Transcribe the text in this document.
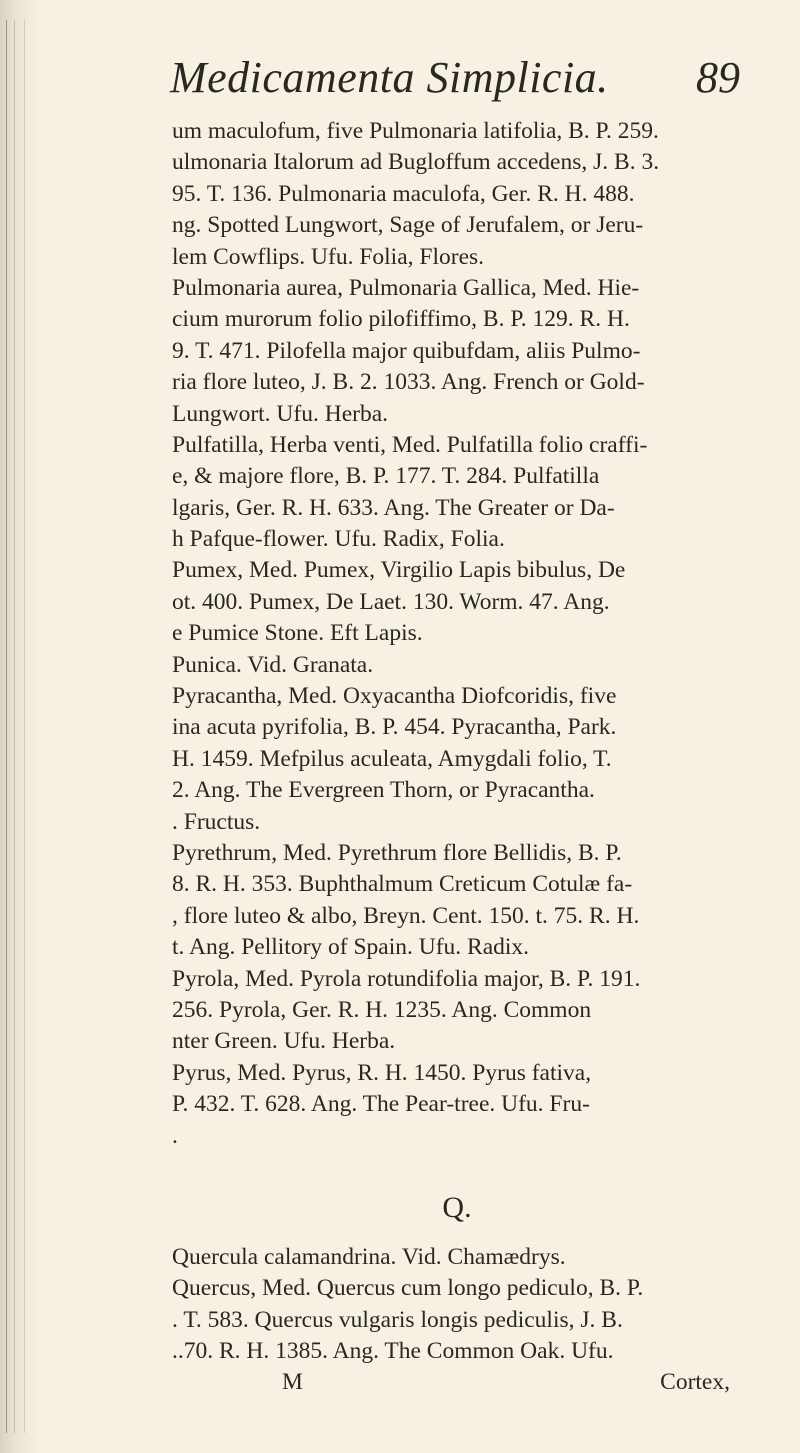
Medicamenta Simplicia. 89
um maculofum, five Pulmonaria latifolia, B. P. 259.
ulmonaria Italorum ad Bugloffum accedens, J. B. 3.
95. T. 136. Pulmonaria maculofa, Ger. R. H. 488.
ng. Spotted Lungwort, Sage of Jerufalem, or Jeru-
lem Cowflips. Ufu. Folia, Flores.
Pulmonaria aurea, Pulmonaria Gallica, Med. Hie-
cium murorum folio pilofiffimo, B. P. 129. R. H.
9. T. 471. Pilofella major quibufdam, aliis Pulmo-
ria flore luteo, J. B. 2. 1033. Ang. French or Gold-
Lungwort. Ufu. Herba.
Pulfatilla, Herba venti, Med. Pulfatilla folio craffi-
e, & majore flore, B. P. 177. T. 284. Pulfatilla
lgaris, Ger. R. H. 633. Ang. The Greater or Da-
h Pafque-flower. Ufu. Radix, Folia.
Pumex, Med. Pumex, Virgilio Lapis bibulus, De
ot. 400. Pumex, De Laet. 130. Worm. 47. Ang.
e Pumice Stone. Eft Lapis.
Punica. Vid. Granata.
Pyracantha, Med. Oxyacantha Diofcoridis, five
ina acuta pyrifolia, B. P. 454. Pyracantha, Park.
H. 1459. Mefpilus aculeata, Amygdali folio, T.
2. Ang. The Evergreen Thorn, or Pyracantha.
. Fructus.
Pyrethrum, Med. Pyrethrum flore Bellidis, B. P.
8. R. H. 353. Buphthalmum Creticum Cotulæ fa-
, flore luteo & albo, Breyn. Cent. 150. t. 75. R. H.
t. Ang. Pellitory of Spain. Ufu. Radix.
Pyrola, Med. Pyrola rotundifolia major, B. P. 191.
256. Pyrola, Ger. R. H. 1235. Ang. Common
nter Green. Ufu. Herba.
Pyrus, Med. Pyrus, R. H. 1450. Pyrus fativa,
P. 432. T. 628. Ang. The Pear-tree. Ufu. Fru-
.
Q.
Quercula calamandrina. Vid. Chamædrys.
Quercus, Med. Quercus cum longo pediculo, B. P.
. T. 583. Quercus vulgaris longis pediculis, J. B.
..70. R. H. 1385. Ang. The Common Oak. Ufu.
M	Cortex,
